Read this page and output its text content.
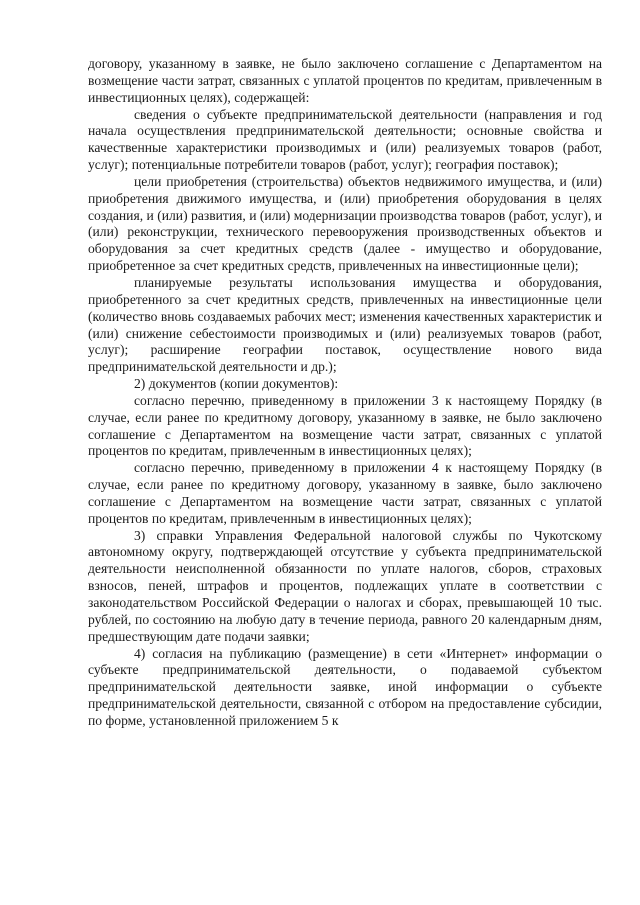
договору, указанному в заявке, не было заключено соглашение с Департаментом на возмещение части затрат, связанных с уплатой процентов по кредитам, привлеченным в инвестиционных целях), содержащей:

сведения о субъекте предпринимательской деятельности (направления и год начала осуществления предпринимательской деятельности; основные свойства и качественные характеристики производимых и (или) реализуемых товаров (работ, услуг); потенциальные потребители товаров (работ, услуг); география поставок);

цели приобретения (строительства) объектов недвижимого имущества, и (или) приобретения движимого имущества, и (или) приобретения оборудования в целях создания, и (или) развития, и (или) модернизации производства товаров (работ, услуг), и (или) реконструкции, технического перевооружения производственных объектов и оборудования за счет кредитных средств (далее - имущество и оборудование, приобретенное за счет кредитных средств, привлеченных на инвестиционные цели);

планируемые результаты использования имущества и оборудования, приобретенного за счет кредитных средств, привлеченных на инвестиционные цели (количество вновь создаваемых рабочих мест; изменения качественных характеристик и (или) снижение себестоимости производимых и (или) реализуемых товаров (работ, услуг); расширение географии поставок, осуществление нового вида предпринимательской деятельности и др.);

2) документов (копии документов):

согласно перечню, приведенному в приложении 3 к настоящему Порядку (в случае, если ранее по кредитному договору, указанному в заявке, не было заключено соглашение с Департаментом на возмещение части затрат, связанных с уплатой процентов по кредитам, привлеченным в инвестиционных целях);

согласно перечню, приведенному в приложении 4 к настоящему Порядку (в случае, если ранее по кредитному договору, указанному в заявке, было заключено соглашение с Департаментом на возмещение части затрат, связанных с уплатой процентов по кредитам, привлеченным в инвестиционных целях);

3) справки Управления Федеральной налоговой службы по Чукотскому автономному округу, подтверждающей отсутствие у субъекта предпринимательской деятельности неисполненной обязанности по уплате налогов, сборов, страховых взносов, пеней, штрафов и процентов, подлежащих уплате в соответствии с законодательством Российской Федерации о налогах и сборах, превышающей 10 тыс. рублей, по состоянию на любую дату в течение периода, равного 20 календарным дням, предшествующим дате подачи заявки;

4) согласия на публикацию (размещение) в сети «Интернет» информации о субъекте предпринимательской деятельности, о подаваемой субъектом предпринимательской деятельности заявке, иной информации о субъекте предпринимательской деятельности, связанной с отбором на предоставление субсидии, по форме, установленной приложением 5 к
